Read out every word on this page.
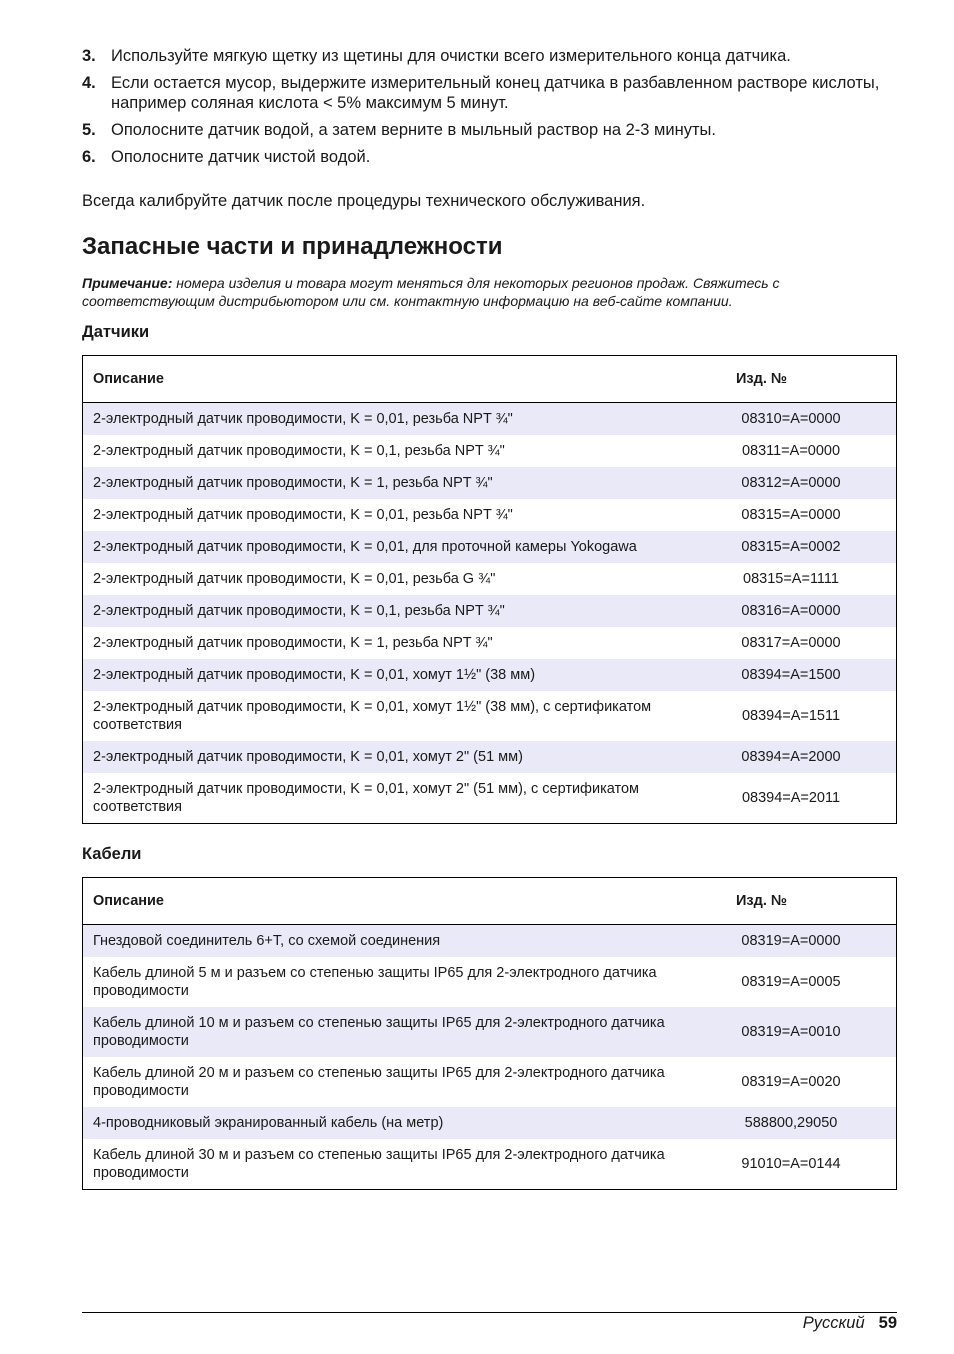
3. Используйте мягкую щетку из щетины для очистки всего измерительного конца датчика.
4. Если остается мусор, выдержите измерительный конец датчика в разбавленном растворе кислоты, например соляная кислота < 5% максимум 5 минут.
5. Ополосните датчик водой, а затем верните в мыльный раствор на 2-3 минуты.
6. Ополосните датчик чистой водой.
Всегда калибруйте датчик после процедуры технического обслуживания.
Запасные части и принадлежности
Примечание: номера изделия и товара могут меняться для некоторых регионов продаж. Свяжитесь с соответствующим дистрибьютором или см. контактную информацию на веб-сайте компании.
Датчики
Описание	Изд. №
2-электродный датчик проводимости, K = 0,01, резьба NPT ¾"	08310=A=0000
2-электродный датчик проводимости, K = 0,1, резьба NPT ¾"	08311=A=0000
2-электродный датчик проводимости, K = 1, резьба NPT ¾"	08312=A=0000
2-электродный датчик проводимости, K = 0,01, резьба NPT ¾"	08315=A=0000
2-электродный датчик проводимости, K = 0,01, для проточной камеры Yokogawa	08315=A=0002
2-электродный датчик проводимости, K = 0,01, резьба G ¾"	08315=A=1111
2-электродный датчик проводимости, K = 0,1, резьба NPT ¾"	08316=A=0000
2-электродный датчик проводимости, K = 1, резьба NPT ¾"	08317=A=0000
2-электродный датчик проводимости, K = 0,01, хомут 1½" (38 мм)	08394=A=1500
2-электродный датчик проводимости, K = 0,01, хомут 1½" (38 мм), с сертификатом соответствия	08394=A=1511
2-электродный датчик проводимости, K = 0,01, хомут 2" (51 мм)	08394=A=2000
2-электродный датчик проводимости, K = 0,01, хомут 2" (51 мм), с сертификатом соответствия	08394=A=2011
Кабели
Описание	Изд. №
Гнездовой соединитель 6+T, со схемой соединения	08319=A=0000
Кабель длиной 5 м и разъем со степенью защиты IP65 для 2-электродного датчика проводимости	08319=A=0005
Кабель длиной 10 м и разъем со степенью защиты IP65 для 2-электродного датчика проводимости	08319=A=0010
Кабель длиной 20 м и разъем со степенью защиты IP65 для 2-электродного датчика проводимости	08319=A=0020
4-проводниковый экранированный кабель (на метр)	588800,29050
Кабель длиной 30 м и разъем со степенью защиты IP65 для 2-электродного датчика проводимости	91010=A=0144
Русский 59
